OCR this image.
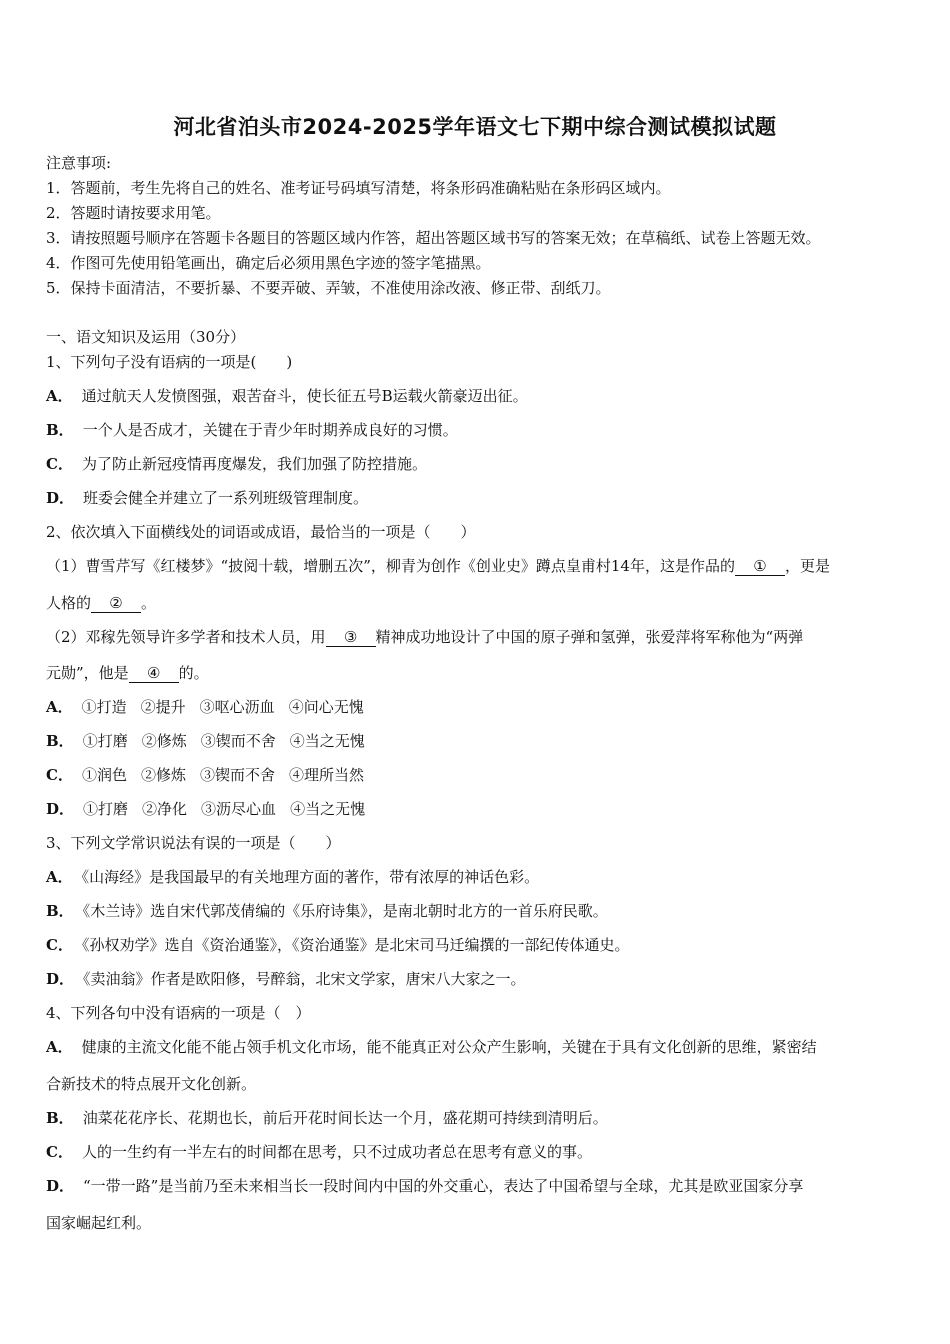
河北省泊头市2024-2025学年语文七下期中综合测试模拟试题
注意事项:
1．答题前，考生先将自己的姓名、准考证号码填写清楚，将条形码准确粘贴在条形码区域内。
2．答题时请按要求用笔。
3．请按照题号顺序在答题卡各题目的答题区域内作答，超出答题区域书写的答案无效；在草稿纸、试卷上答题无效。
4．作图可先使用铅笔画出，确定后必须用黑色字迹的签字笔描黑。
5．保持卡面清洁，不要折暴、不要弄破、弄皱，不准使用涂改液、修正带、刮纸刀。
一、语文知识及运用（30分）
1、下列句子没有语病的一项是(　　)
A． 通过航天人发愤图强，艰苦奋斗，使长征五号B运载火箭豪迈出征。
B． 一个人是否成才，关键在于青少年时期养成良好的习惯。
C． 为了防止新冠疫情再度爆发，我们加强了防控措施。
D． 班委会健全并建立了一系列班级管理制度。
2、依次填入下面横线处的词语或成语，最恰当的一项是（　　）
（1）曹雪芹写《红楼梦》“披阅十载，增删五次”，柳青为创作《创业史》蹲点皇甫村14年，这是作品的 ① ，更是
人格的 ② 。
（2）邓稼先领导许多学者和技术人员，用 ③ 精神成功地设计了中国的原子弹和氢弹，张爱萍将军称他为“两弹
元勋”，他是 ④ 的。
A． ①打造 ②提升 ③呕心沥血 ④问心无愧
B． ①打磨 ②修炼 ③锲而不舍 ④当之无愧
C． ①润色 ②修炼 ③锲而不舍 ④理所当然
D． ①打磨 ②净化 ③沥尽心血 ④当之无愧
3、下列文学常识说法有误的一项是（　　）
A． 《山海经》是我国最早的有关地理方面的著作，带有浓厚的神话色彩。
B． 《木兰诗》选自宋代郭茂倩编的《乐府诗集》，是南北朝时北方的一首乐府民歌。
C． 《孙权劝学》选自《资治通鉴》，《资治通鉴》是北宋司马迁编撰的一部纪传体通史。
D． 《卖油翁》作者是欧阳修，号醉翁，北宋文学家，唐宋八大家之一。
4、下列各句中没有语病的一项是（　）
A． 健康的主流文化能不能占领手机文化市场，能不能真正对公众产生影响，关键在于具有文化创新的思维，紧密结
合新技术的特点展开文化创新。
B． 油菜花花序长、花期也长，前后开花时间长达一个月，盛花期可持续到清明后。
C． 人的一生约有一半左右的时间都在思考，只不过成功者总在思考有意义的事。
D． “一带一路”是当前乃至未来相当长一段时间内中国的外交重心，表达了中国希望与全球，尤其是欧亚国家分享
国家崛起红利。
